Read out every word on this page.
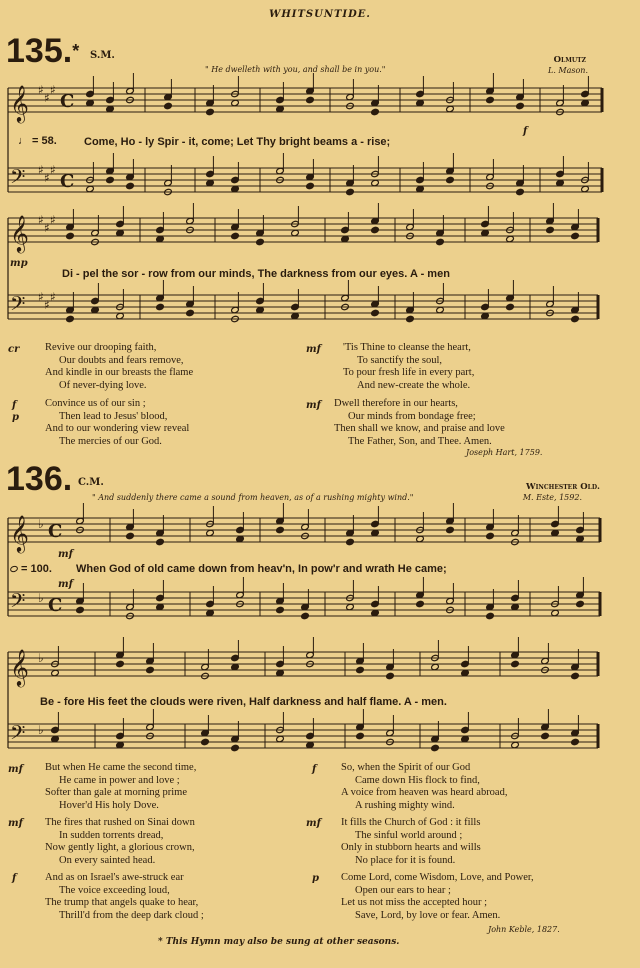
WHITSUNTIDE.
135.* S.M.
" He dwelleth with you, and shall be in you."
Olmutz
L. Mason.
𝄞 ♯
♯
♯
C
𝄢 ♯
♯
♯
C
𝄞 ♯
♯
♯
𝄢 ♯
♯
♯
♩ = 58.
f
Come, Ho - ly Spir - it, come; Let Thy bright beams a - rise;
mp
Di - pel the sor - row from our minds, The darkness from our eyes. A - men
cr Revive our drooping faith,
Our doubts and fears remove,
And kindle in our breasts the flame
Of never-dying love.
f
p
Convince us of our sin ;
Then lead to Jesus' blood,
And to our wondering view reveal
The mercies of our God.
mf 'Tis Thine to cleanse the heart,
To sanctify the soul,
To pour fresh life in every part,
And new-create the whole.
mf Dwell therefore in our hearts,
Our minds from bondage free;
Then shall we know, and praise and love
The Father, Son, and Thee. Amen.
Joseph Hart, 1759.
136. C.M.
" And suddenly there came a sound from heaven, as of a rushing mighty wind."
Winchester Old.
M. Este, 1592.
𝄞 ♭ C
𝄢 ♭ C
𝄞 ♭
𝄢 ♭
= 100.
mf
When God of old came down from heav'n, In pow'r and wrath He came;
mf
Be - fore His feet the clouds were riven, Half darkness and half flame. A - men.
mf But when He came the second time,
He came in power and love ;
Softer than gale at morning prime
Hover'd His holy Dove.
mf The fires that rushed on Sinai down
In sudden torrents dread,
Now gently light, a glorious crown,
On every sainted head.
f	And as on Israel's awe-struck ear
The voice exceeding loud,
The trump that angels quake to hear,
Thrill'd from the deep dark cloud ;
f So, when the Spirit of our God
Came down His flock to find,
A voice from heaven was heard abroad,
A rushing mighty wind.
mf It fills the Church of God : it fills
The sinful world around ;
Only in stubborn hearts and wills
No place for it is found.
p Come Lord, come Wisdom, Love, and Power,
Open our ears to hear ;
Let us not miss the accepted hour ;
Save, Lord, by love or fear. Amen.
John Keble, 1827.
* This Hymn may also be sung at other seasons.
